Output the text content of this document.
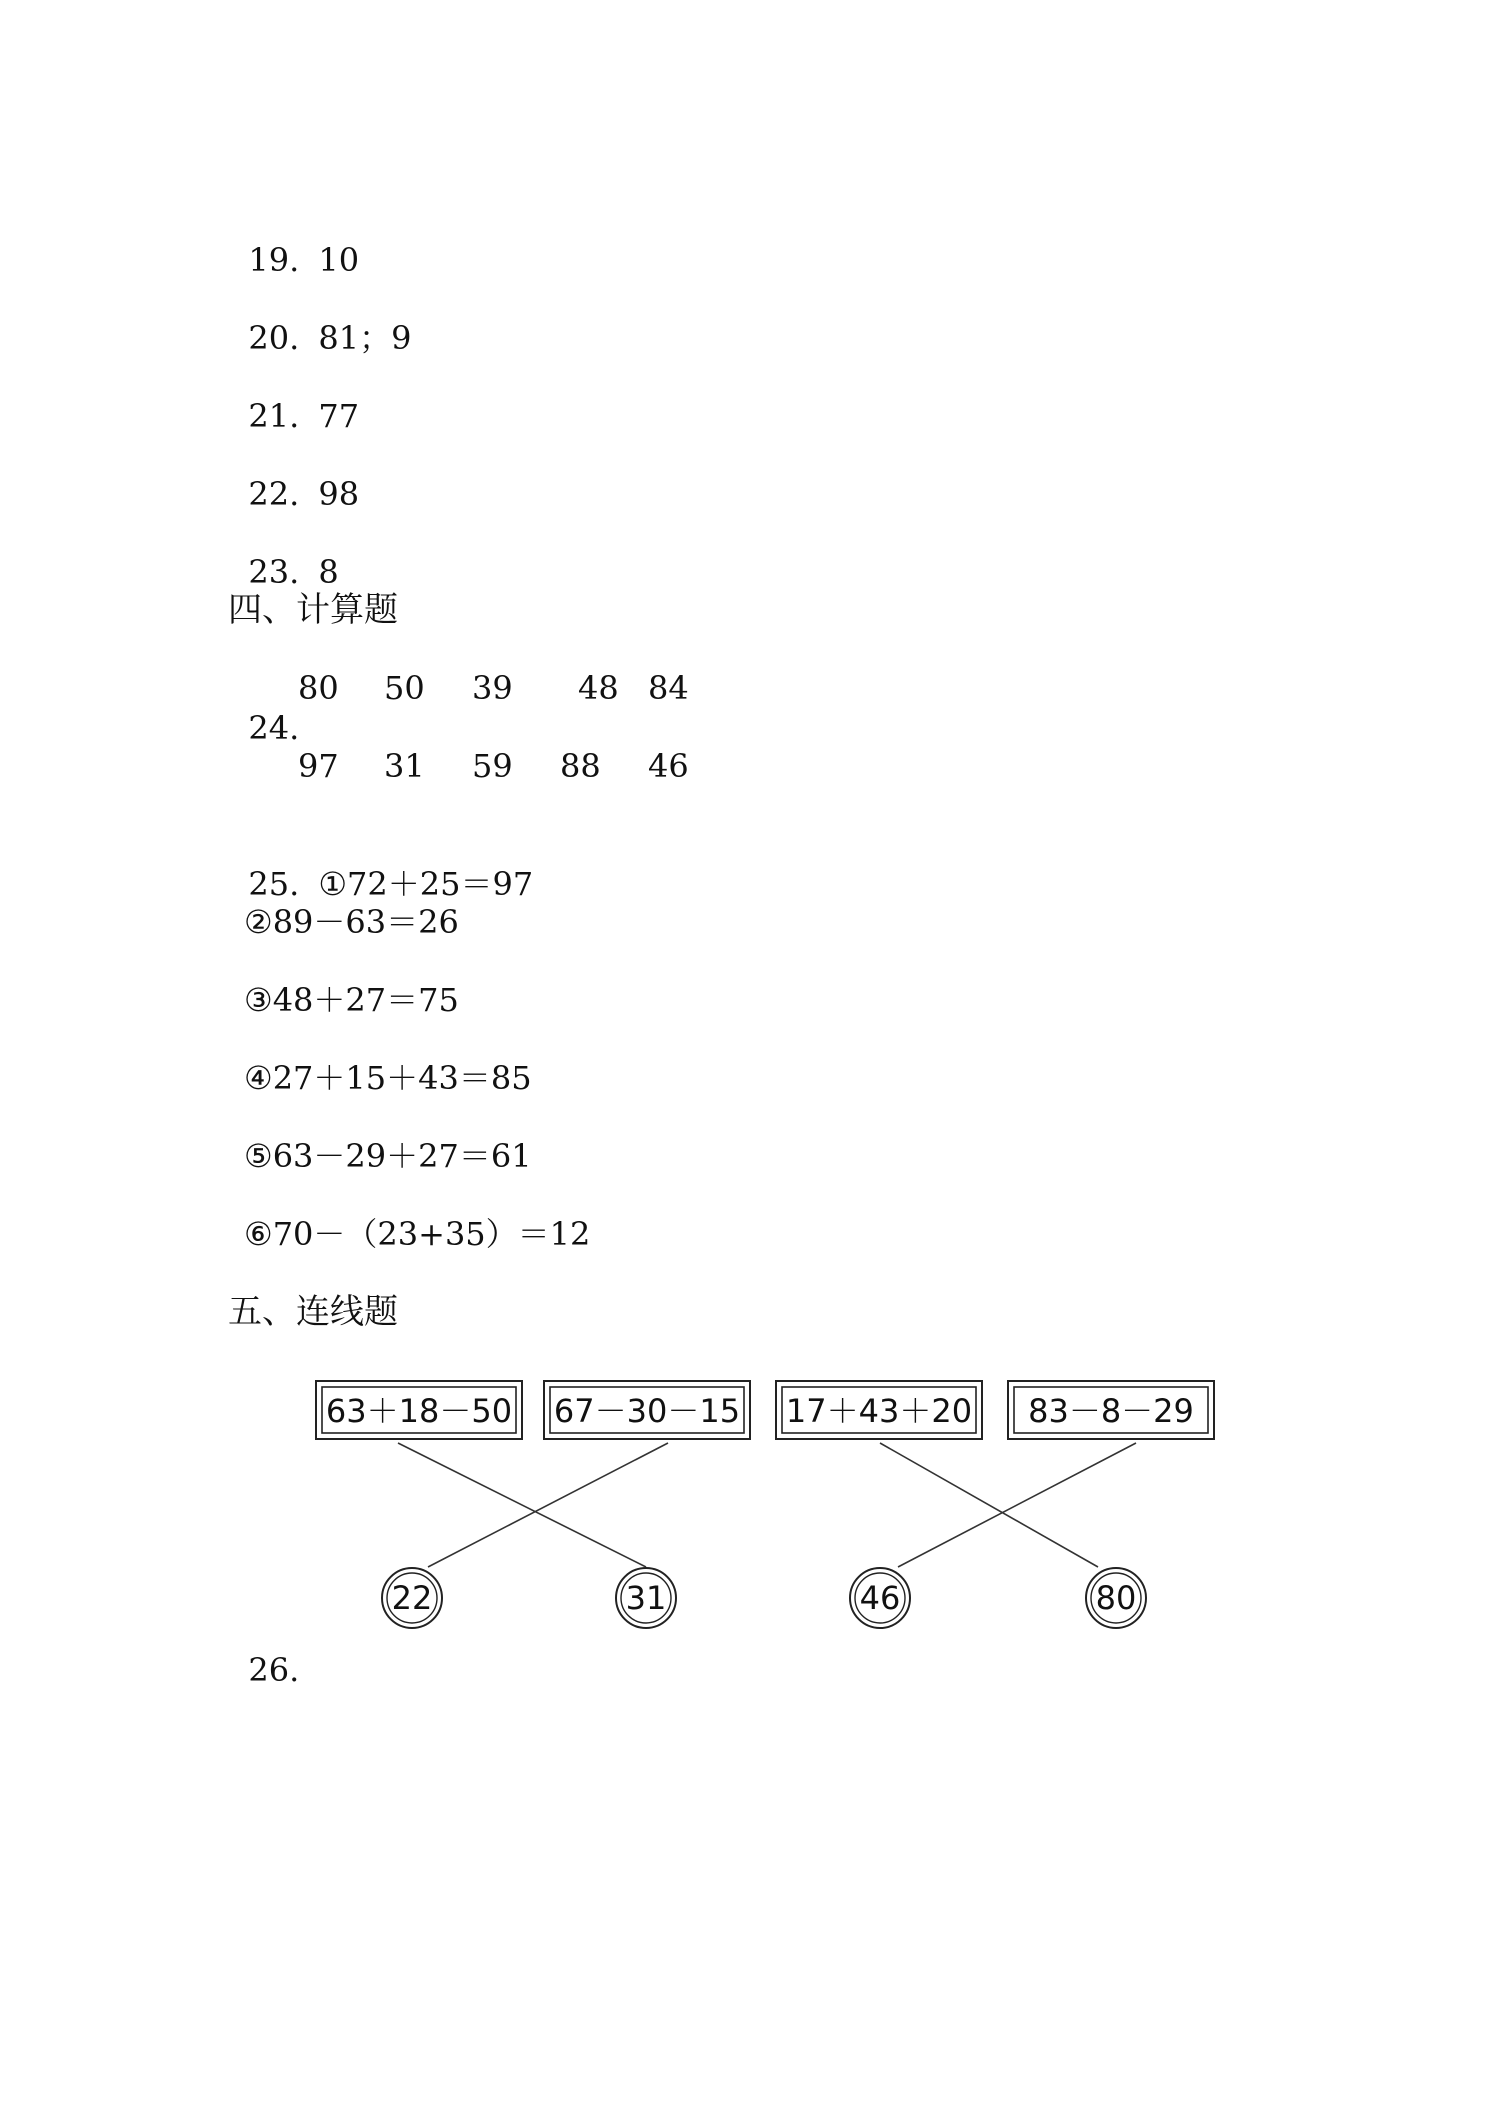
19. 10

20. 81；9

21. 77

22. 98

23. 8

四、计算题

24.

80 50 39 48 84
97 31 59 88 46

25. ①72＋25＝97

②89－63＝26
③48＋27＝75
④27＋15＋43＝85
⑤63－29＋27＝61
⑥70－（23+35）＝12
五、连线题

26.

63＋18－50 67－30－15 17＋43＋20 83－8－29
22	31	46	80
